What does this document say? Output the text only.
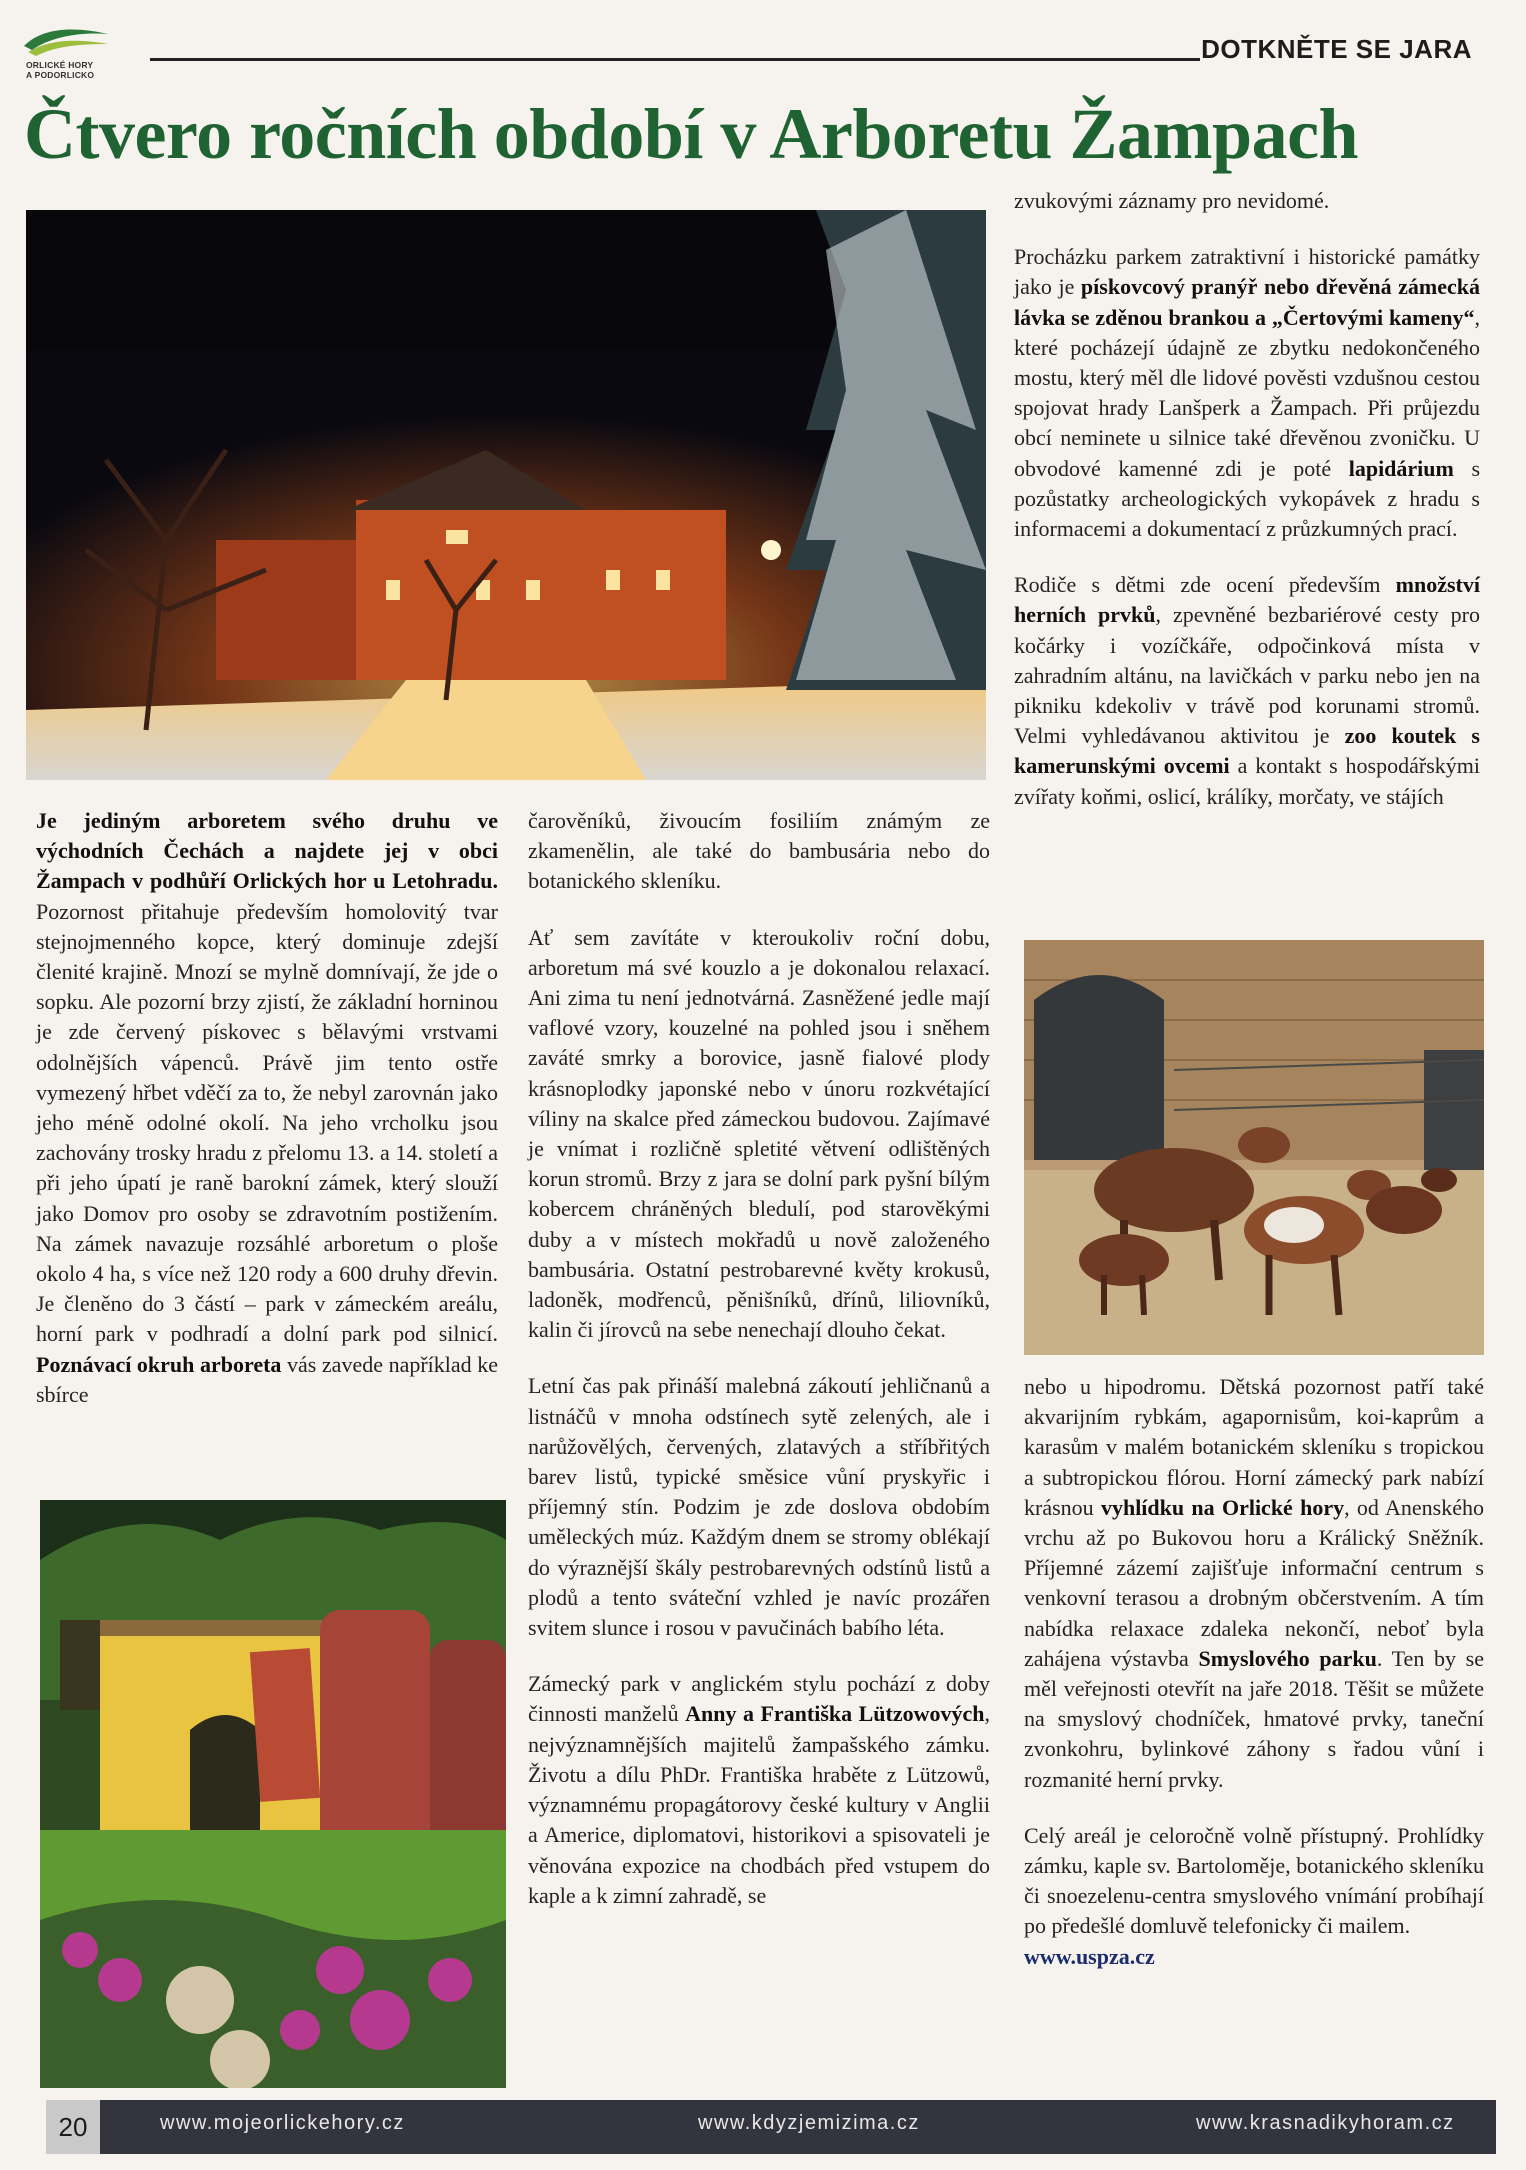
ORLICKÉ HORY
A PODORLICKO
DOTKNĚTE SE JARA
Čtvero ročních období v Arboretu Žampach

Je jediným arboretem svého druhu ve východních Čechách a najdete jej v obci Žampach v podhůří Orlických hor u Letohradu. Pozornost přitahuje především homolovitý tvar stejnojmenného kopce, který dominuje zdejší členité krajině. Mnozí se mylně domnívají, že jde o sopku. Ale pozorní brzy zjistí, že základní horninou je zde červený pískovec s bělavými vrstvami odolnějších vápenců. Právě jim tento ostře vymezený hřbet vděčí za to, že nebyl zarovnán jako jeho méně odolné okolí. Na jeho vrcholku jsou zachovány trosky hradu z přelomu 13. a 14. století a při jeho úpatí je raně barokní zámek, který slouží jako Domov pro osoby se zdravotním postižením. Na zámek navazuje rozsáhlé arboretum o ploše okolo 4 ha, s více než 120 rody a 600 druhy dřevin. Je členěno do 3 částí – park v zámeckém areálu, horní park v podhradí a dolní park pod silnicí. Poznávací okruh arboreta vás zavede například ke sbírce

čarověníků, živoucím fosiliím známým ze zkamenělin, ale také do bambusária nebo do botanického skleníku.

Ať sem zavítáte v kteroukoliv roční dobu, arboretum má své kouzlo a je dokonalou relaxací. Ani zima tu není jednotvárná. Zasněžené jedle mají vaflové vzory, kouzelné na pohled jsou i sněhem zaváté smrky a borovice, jasně fialové plody krásnoplodky japonské nebo v únoru rozkvétající víliny na skalce před zámeckou budovou. Zajímavé je vnímat i rozličně spletité větvení odlištěných korun stromů. Brzy z jara se dolní park pyšní bílým kobercem chráněných bledulí, pod starověkými duby a v místech mokřadů u nově založeného bambusária. Ostatní pestrobarevné květy krokusů, ladoněk, modřenců, pěnišníků, dřínů, liliovníků, kalin či jírovců na sebe nenechají dlouho čekat.

Letní čas pak přináší malebná zákoutí jehličnanů a listnáčů v mnoha odstínech sytě zelených, ale i narůžovělých, červených, zlatavých a stříbřitých barev listů, typické směsice vůní pryskyřic i příjemný stín. Podzim je zde doslova obdobím uměleckých múz. Každým dnem se stromy oblékají do výraznější škály pestrobarevných odstínů listů a plodů a tento sváteční vzhled je navíc prozářen svitem slunce i rosou v pavučinách babího léta.

Zámecký park v anglickém stylu pochází z doby činnosti manželů Anny a Františka Lützowových, nejvýznamnějších majitelů žampašského zámku. Životu a dílu PhDr. Františka hraběte z Lützowů, významnému propagátorovy české kultury v Anglii a Americe, diplomatovi, historikovi a spisovateli je věnována expozice na chodbách před vstupem do kaple a k zimní zahradě, se

zvukovými záznamy pro nevidomé.

Procházku parkem zatraktivní i historické památky jako je pískovcový pranýř nebo dřevěná zámecká lávka se zděnou brankou a „Čertovými kameny“, které pocházejí údajně ze zbytku nedokončeného mostu, který měl dle lidové pověsti vzdušnou cestou spojovat hrady Lanšperk a Žampach. Při průjezdu obcí neminete u silnice také dřevěnou zvoničku. U obvodové kamenné zdi je poté lapidárium s pozůstatky archeologických vykopávek z hradu s informacemi a dokumentací z průzkumných prací.

Rodiče s dětmi zde ocení především množství herních prvků, zpevněné bezbariérové cesty pro kočárky i vozíčkáře, odpočinková místa v zahradním altánu, na lavičkách v parku nebo jen na pikniku kdekoliv v trávě pod korunami stromů. Velmi vyhledávanou aktivitou je zoo koutek s kamerunskými ovcemi a kontakt s hospodářskými zvířaty koňmi, oslicí, králíky, morčaty, ve stájích

nebo u hipodromu. Dětská pozornost patří také akvarijním rybkám, agapornisům, koi-kaprům a karasům v malém botanickém skleníku s tropickou a subtropickou flórou. Horní zámecký park nabízí krásnou vyhlídku na Orlické hory, od Anenského vrchu až po Bukovou horu a Králický Sněžník. Příjemné zázemí zajišťuje informační centrum s venkovní terasou a drobným občerstvením. A tím nabídka relaxace zdaleka nekončí, neboť byla zahájena výstavba Smyslového parku. Ten by se měl veřejnosti otevřít na jaře 2018. Těšit se můžete na smyslový chodníček, hmatové prvky, taneční zvonkohru, bylinkové záhony s řadou vůní i rozmanité herní prvky.

Celý areál je celoročně volně přístupný. Prohlídky zámku, kaple sv. Bartoloměje, botanického skleníku či snoezelenu-centra smyslového vnímání probíhají po předešlé domluvě telefonicky či mailem.

www.uspza.cz
20	www.mojeorlickehory.cz	www.kdyzjemizima.cz	www.krasnadikyhoram.cz
